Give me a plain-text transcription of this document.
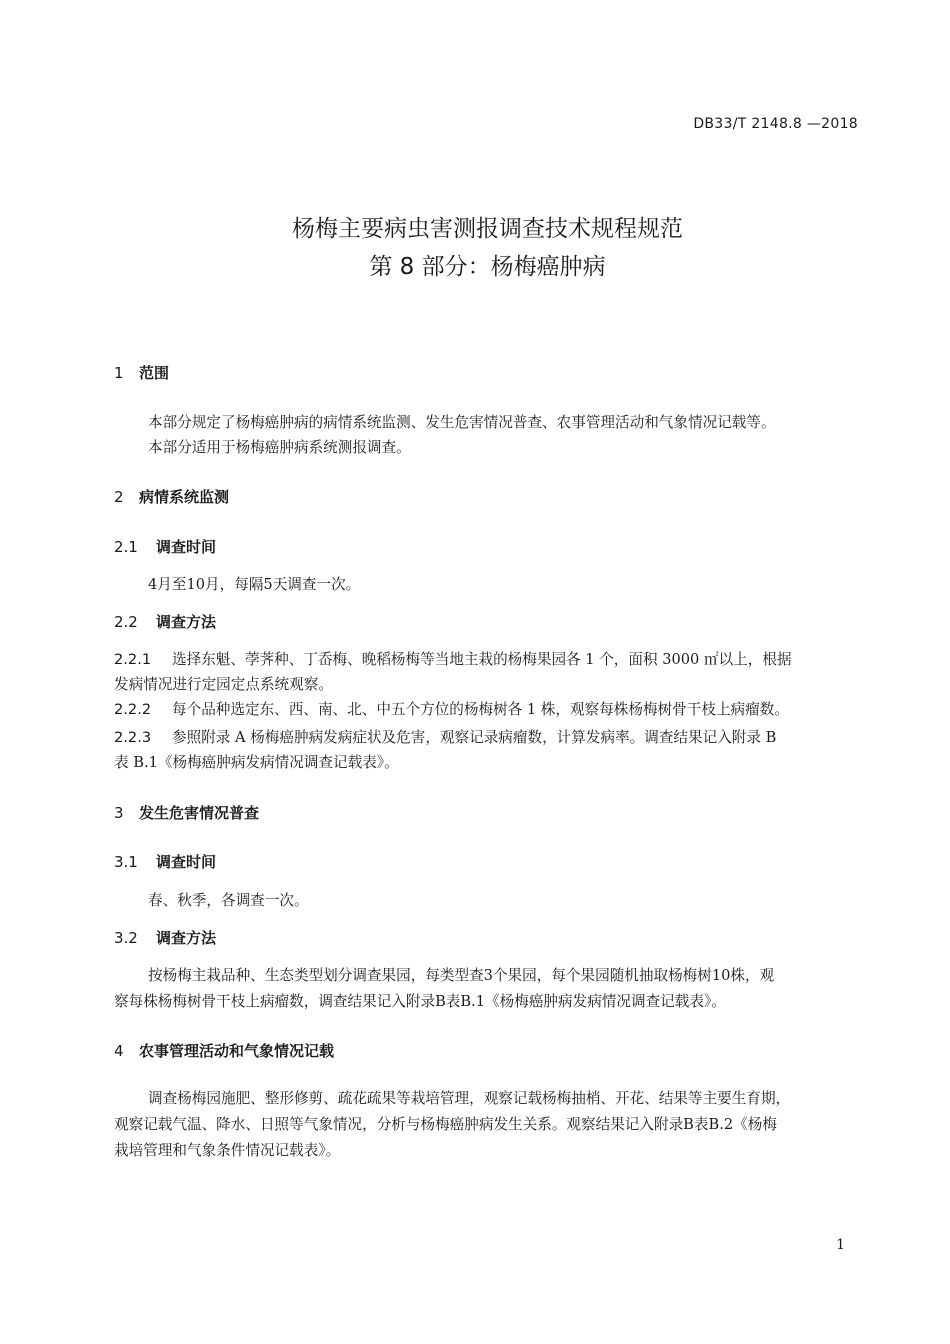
DB33/T 2148.8 —2018
杨梅主要病虫害测报调查技术规程规范
第 8 部分：杨梅癌肿病
1 范围
本部分规定了杨梅癌肿病的病情系统监测、发生危害情况普查、农事管理活动和气象情况记载等。
本部分适用于杨梅癌肿病系统测报调查。
2 病情系统监测
2.1 调查时间
4月至10月，每隔5天调查一次。
2.2 调查方法
2.2.1 选择东魁、荸荠种、丁岙梅、晚稻杨梅等当地主栽的杨梅果园各 1 个，面积 3000 ㎡以上，根据
发病情况进行定园定点系统观察。
2.2.2 每个品种选定东、西、南、北、中五个方位的杨梅树各 1 株，观察每株杨梅树骨干枝上病瘤数。
2.2.3 参照附录 A 杨梅癌肿病发病症状及危害，观察记录病瘤数，计算发病率。调查结果记入附录 B
表 B.1《杨梅癌肿病发病情况调查记载表》。
3 发生危害情况普查
3.1 调查时间
春、秋季，各调查一次。
3.2 调查方法
按杨梅主栽品种、生态类型划分调查果园，每类型查3个果园，每个果园随机抽取杨梅树10株，观
察每株杨梅树骨干枝上病瘤数，调查结果记入附录B表B.1《杨梅癌肿病发病情况调查记载表》。
4 农事管理活动和气象情况记载
调查杨梅园施肥、整形修剪、疏花疏果等栽培管理，观察记载杨梅抽梢、开花、结果等主要生育期，
观察记载气温、降水、日照等气象情况，分析与杨梅癌肿病发生关系。观察结果记入附录B表B.2《杨梅
栽培管理和气象条件情况记载表》。
1
